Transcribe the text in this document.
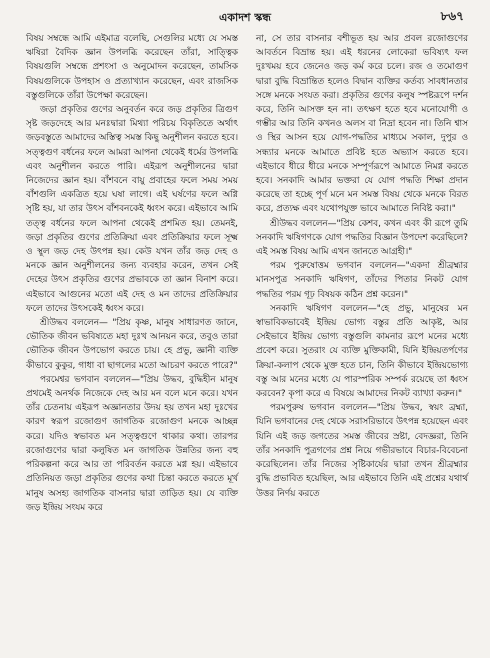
একাদশ স্কন্ধ	৮৬৭

বিষয় সম্বন্ধে আমি এইমাত্র বলেছি, সেগুলির মধ্যে যে সমস্ত ঋষিরা বৈদিক জ্ঞান উপলব্ধি করেছেন তাঁরা, সাত্ত্বিক বিষয়গুলি সম্বন্ধে প্রশংসা ও অনুমোদন করেছেন, তামসিক বিষয়গুলিকে উপহাস ও প্রত্যাখ্যান করেছেন, এবং রাজসিক বস্তুগুলিকে তাঁরা উপেক্ষা করেছেন।

জড়া প্রকৃতির গুণের অনুবর্তন করে জড় প্রকৃতির ত্রিগুণ সৃষ্ট জড়দেহে আর মনঃদ্বারা মিথ্যা পরিচয় বিকৃতিতে অর্থাৎ জড়বস্তুতে আমাদের অস্তিত্ব সমস্ত কিছু অনুশীলন করতে হবে। সত্ত্বগুণ বর্ধনের ফলে আমরা আপনা থেকেই ধর্মের উপলব্ধি এবং অনুশীলন করতে পারি। এইরূপ অনুশীলনের দ্বারা নিজেদের জ্ঞান হয়। বাঁশবনে বায়ু প্রবাহের ফলে সময় সময় বাঁশগুলি একত্রিত হয়ে ঘষা লাগে। এই ঘর্ষণের ফলে অগ্নি সৃষ্টি হয়, যা তার উৎস বাঁশবনকেই ধ্বংস করে। এইভাবে আমি তত্ত্ব বর্ধনের ফলে আপনা থেকেই প্রশমিত হয়। তেমনই, জড়া প্রকৃতির গুণের প্রতিক্রিয়া এবং প্রতিক্রিয়ার ফলে সূক্ষ্ম ও স্থূল জড় দেহ উৎপন্ন হয়। কেউ যখন তাঁর জড় দেহ ও মনকে জ্ঞান অনুশীলনের জন্য ব্যবহার করেন, তখন সেই দেহের উৎস প্রকৃতির গুণের প্রভাবকে তা জ্ঞান বিনাশ করে। এইভাবে আগুনের মতো এই দেহ ও মন তাদের প্রতিক্রিয়ার ফলে তাদের উৎসকেই ধ্বংস করে।

শ্রীউদ্ধব বললেন— "প্রিয় কৃষ্ণ, মানুষ সাধারণত জানে, ভৌতিক জীবন ভবিষ্যতে মহা দুঃখ আনয়ন করে, তবুও তারা ভৌতিক জীবন উপভোগ করতে চায়। হে প্রভু, জ্ঞানী ব্যক্তি কীভাবে কুকুর, গাধা বা ছাগলের মতো আচরণ করতে পারে?"

পরমেশ্বর ভগবান বললেন—"প্রিয় উদ্ধব, বুদ্ধিহীন মানুষ প্রথমেই অনর্থক নিজেকে দেহ আর মন বলে মনে করে। যখন তাঁর চেতনায় এইরূপ অজ্ঞানতার উদয় হয় তখন মহা দুঃখের কারণ স্বরূপ রজোগুণ জাগতিক রজোগুণ মনকে আচ্ছন্ন করে। যদিও স্বভাবত মন সত্ত্বগুণে থাকার কথা। তারপর রজোগুণের দ্বারা কলুষিত মন জাগতিক উন্নতির জন্য বহু পরিকল্পনা করে আর তা পরিবর্তন করতে মগ্ন হয়। এইভাবে প্রতিনিয়ত জড়া প্রকৃতির গুণের কথা চিন্তা করতে করতে মূর্খ মানুষ অসহ্য জাগতিক বাসনার দ্বারা তাড়িত হয়। যে ব্যক্তি জড় ইন্দ্রিয় সংযম করে

না, সে তার বাসনার বশীভূত হয় আর প্রবল রজোগুণের আবর্তনে বিভ্রান্ত হয়। এই ধরনের লোকেরা ভবিষ্যৎ ফল দুঃখময় হবে জেনেও জড় কর্ম করে চলে। রজ ও তমোগুণ দ্বারা বুদ্ধি বিভ্রান্তিত হলেও বিদ্বান ব্যক্তির কর্তব্য সাবধানতার সঙ্গে মনকে সংযত করা। প্রকৃতির গুণের কলুষ স্পষ্টরূপে দর্শন করে, তিনি আসক্ত হন না। তৎক্ষণ হতে হবে মনোযোগী ও গম্ভীর আর তিনি কখনও অলস বা নিদ্রা হবেন না। তিনি শ্বাস ও স্থির আসন হয়ে যোগ-পদ্ধতির মাধ্যমে সকাল, দুপুর ও সন্ধ্যার মনকে আমাতে প্রবিষ্ট হতে অভ্যাস করতে হবে। এইভাবে ধীরে ধীরে মনকে সম্পূর্ণরূপে আমাতে নিমগ্ন করতে হবে। সনকাদি আমার ভক্তরা যে যোগ পদ্ধতি শিক্ষা প্রদান করেছে তা হচ্ছে পূর্ণ মনে মন সমস্ত বিষয় থেকে মনকে বিরত করে, প্রত্যক্ষ এবং যথোপযুক্ত ভাবে আমাতে নিবিষ্ট করা।"

শ্রীউদ্ধব বললেন—"প্রিয় কেশব, কখন এবং কী রূপে তুমি সনকাদি ঋষিগণকে যোগ পদ্ধতির বিজ্ঞান উপদেশ করেছিলে? এই সমস্ত বিষয় আমি এখন জানতে আগ্রহী।"

পরম পুরুষোত্তম ভগবান বললেন—"একদা শ্রীব্রহ্মার মানসপুত্র সনকাদি ঋষিগণ, তাঁদের পিতার নিকট যোগ পদ্ধতির পরম গূঢ় বিষয়ক কঠিন প্রশ্ন করেন।"

সনকাদি ঋষিগণ বললেন—"হে প্রভু, মানুষের মন স্বাভাবিকভাবেই ইন্দ্রিয় ভোগ্য বস্তুর প্রতি আকৃষ্ট, আর সেইভাবে ইন্দ্রিয় ভোগ্য বস্তুগুলি কামনার রূপে মনের মধ্যে প্রবেশ করে। সুতরাং যে ব্যক্তি মুক্তিকামী, যিনি ইন্দ্রিয়তর্পণের ক্রিয়া-কলাপ থেকে মুক্ত হতে চান, তিনি কীভাবে ইন্দ্রিয়ভোগ্য বস্তু আর মনের মধ্যে যে পারস্পরিক সম্পর্ক রয়েছে তা ধ্বংস করবেন? কৃপা করে এ বিষয়ে আমাদের নিকট ব্যাখ্যা করুন।"

পরমপুরুষ ভগবান বললেন—"প্রিয় উদ্ধব, স্বয়ং ব্রহ্মা, যিনি ভগবানের দেহ থেকে সরাসরিভাবে উৎপন্ন হয়েছেন এবং যিনি এই জড় জগতের সমস্ত জীবের স্রষ্টা, বেদজ্ঞরা, তিনি তাঁর সনকাদি পুত্রগণের প্রশ্ন নিয়ে গভীরভাবে বিচার-বিবেচনা করেছিলেন। তাঁর নিজের সৃষ্টিকার্যের দ্বারা তখন শ্রীব্রহ্মার বুদ্ধি প্রভাবিত হয়েছিল, আর এইভাবে তিনি এই প্রশ্নের যথার্থ উত্তর নির্ণয় করতে
